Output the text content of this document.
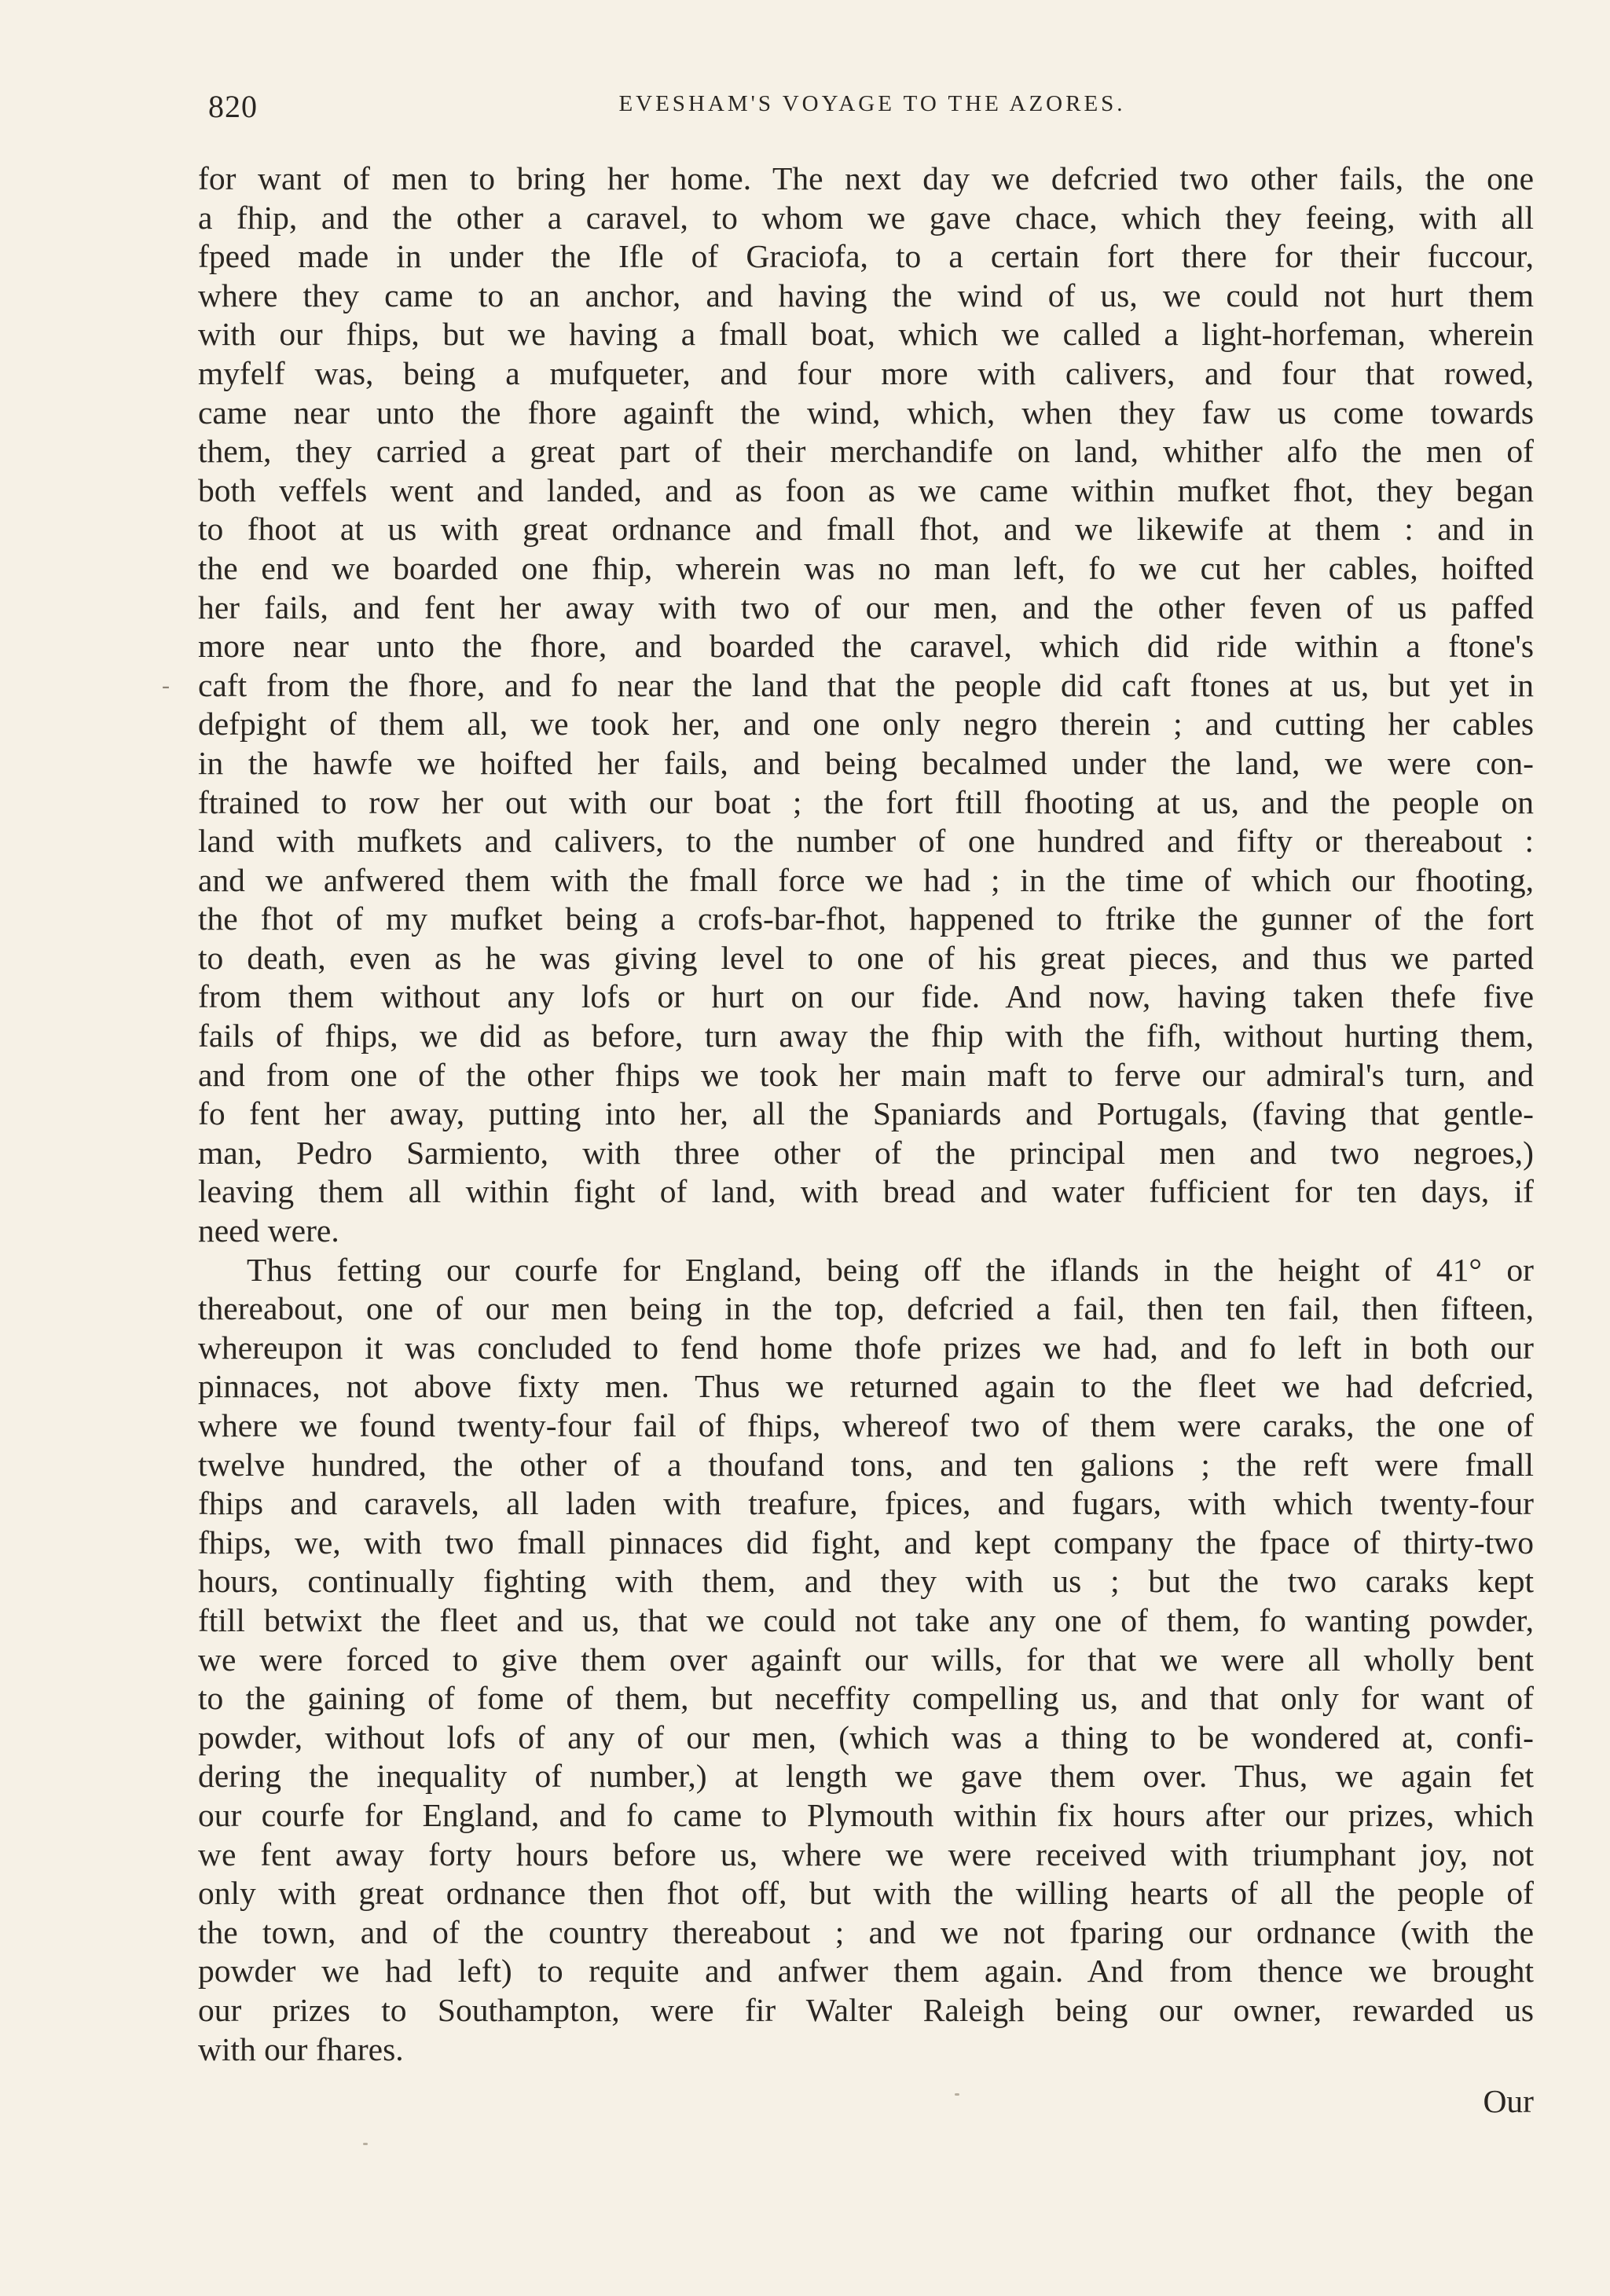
820	EVESHAM'S VOYAGE TO THE AZORES.
-
for want of men to bring her home. The next day we defcried two other fails, the one
a fhip, and the other a caravel, to whom we gave chace, which they feeing, with all
fpeed made in under the Ifle of Graciofa, to a certain fort there for their fuccour,
where they came to an anchor, and having the wind of us, we could not hurt them
with our fhips, but we having a fmall boat, which we called a light-horfeman, wherein
myfelf was, being a mufqueter, and four more with calivers, and four that rowed,
came near unto the fhore againft the wind, which, when they faw us come towards
them, they carried a great part of their merchandife on land, whither alfo the men of
both veffels went and landed, and as foon as we came within mufket fhot, they began
to fhoot at us with great ordnance and fmall fhot, and we likewife at them : and in
the end we boarded one fhip, wherein was no man left, fo we cut her cables, hoifted
her fails, and fent her away with two of our men, and the other feven of us paffed
more near unto the fhore, and boarded the caravel, which did ride within a ftone's
caft from the fhore, and fo near the land that the people did caft ftones at us, but yet in
defpight of them all, we took her, and one only negro therein ; and cutting her cables
in the hawfe we hoifted her fails, and being becalmed under the land, we were con-
ftrained to row her out with our boat ; the fort ftill fhooting at us, and the people on
land with mufkets and calivers, to the number of one hundred and fifty or thereabout :
and we anfwered them with the fmall force we had ; in the time of which our fhooting,
the fhot of my mufket being a crofs-bar-fhot, happened to ftrike the gunner of the fort
to death, even as he was giving level to one of his great pieces, and thus we parted
from them without any lofs or hurt on our fide. And now, having taken thefe five
fails of fhips, we did as before, turn away the fhip with the fifh, without hurting them,
and from one of the other fhips we took her main maft to ferve our admiral's turn, and
fo fent her away, putting into her, all the Spaniards and Portugals, (faving that gentle-
man, Pedro Sarmiento, with three other of the principal men and two negroes,)
leaving them all within fight of land, with bread and water fufficient for ten days, if
need were.
Thus fetting our courfe for England, being off the iflands in the height of 41° or
thereabout, one of our men being in the top, defcried a fail, then ten fail, then fifteen,
whereupon it was concluded to fend home thofe prizes we had, and fo left in both our
pinnaces, not above fixty men. Thus we returned again to the fleet we had defcried,
where we found twenty-four fail of fhips, whereof two of them were caraks, the one of
twelve hundred, the other of a thoufand tons, and ten galions ; the reft were fmall
fhips and caravels, all laden with treafure, fpices, and fugars, with which twenty-four
fhips, we, with two fmall pinnaces did fight, and kept company the fpace of thirty-two
hours, continually fighting with them, and they with us ; but the two caraks kept
ftill betwixt the fleet and us, that we could not take any one of them, fo wanting powder,
we were forced to give them over againft our wills, for that we were all wholly bent
to the gaining of fome of them, but neceffity compelling us, and that only for want of
powder, without lofs of any of our men, (which was a thing to be wondered at, confi-
dering the inequality of number,) at length we gave them over. Thus, we again fet
our courfe for England, and fo came to Plymouth within fix hours after our prizes, which
we fent away forty hours before us, where we were received with triumphant joy, not
only with great ordnance then fhot off, but with the willing hearts of all the people of
the town, and of the country thereabout ; and we not fparing our ordnance (with the
powder we had left) to requite and anfwer them again. And from thence we brought
our prizes to Southampton, were fir Walter Raleigh being our owner, rewarded us
with our fhares.
Our
